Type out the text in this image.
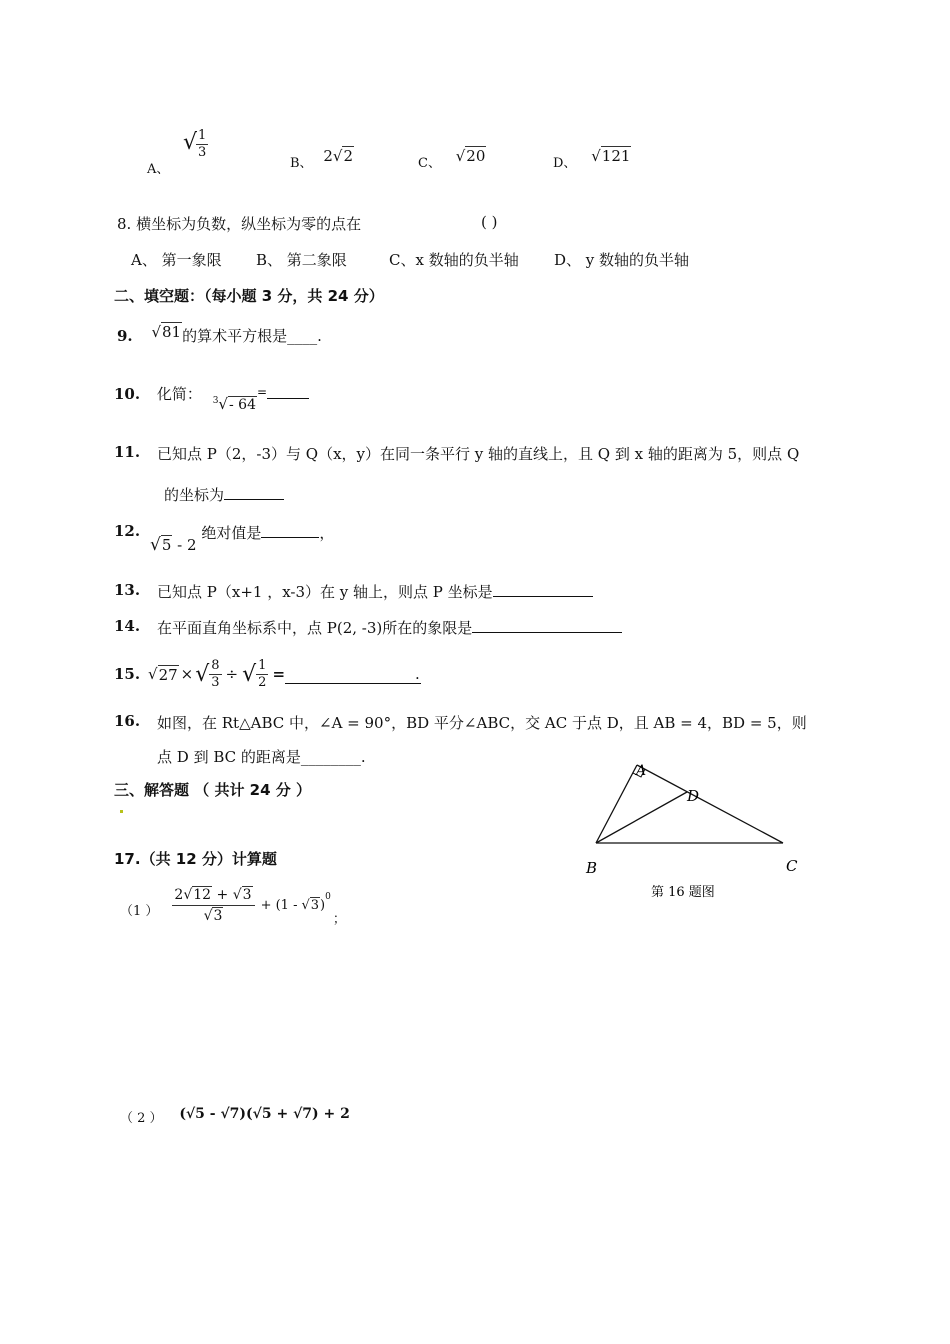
A、
√
$\frac{1}{3}$
B、 2√2	C、 √20	D、 √121
8. 横坐标为负数，纵坐标为零的点在	( )
A、 第一象限 B、 第二象限	C、x 数轴的负半轴 D、 y 数轴的负半轴
二、填空题：（每小题 3 分，共 24 分）
9. √81的算术平方根是____.
10. 化简： $^3$√- 64=
11. 已知点 P（2，-3）与 Q（x，y）在同一条平行 y 轴的直线上，且 Q 到 x 轴的距离为 5，则点 Q
的坐标为
12.
√5 - 2 绝对值是	，
13. 已知点 P（x+1 ，x-3）在 y 轴上，则点 P 坐标是
14. 在平面直角坐标系中，点 P(2, -3)所在的象限是
15. √ 27 × √ $\frac{8}{3}$ ÷ √ $\frac{1}{2}$ =	.
16. 如图，在 Rt△ABC 中，∠A = 90°，BD 平分∠ABC，交 AC 于点 D，且 AB = 4，BD = 5，则
点 D 到 BC 的距离是________.
A
D
B	C
第 16 题图
三、解答题 （ 共计 24 分 ）
17.（共 12 分）计算题
（1 ） $\frac{2√12 + √3}{√3} + (1$ - √ 3 )
$^0$
；
（ 2 ） (√5 - √7)(√5 + √7) + 2
